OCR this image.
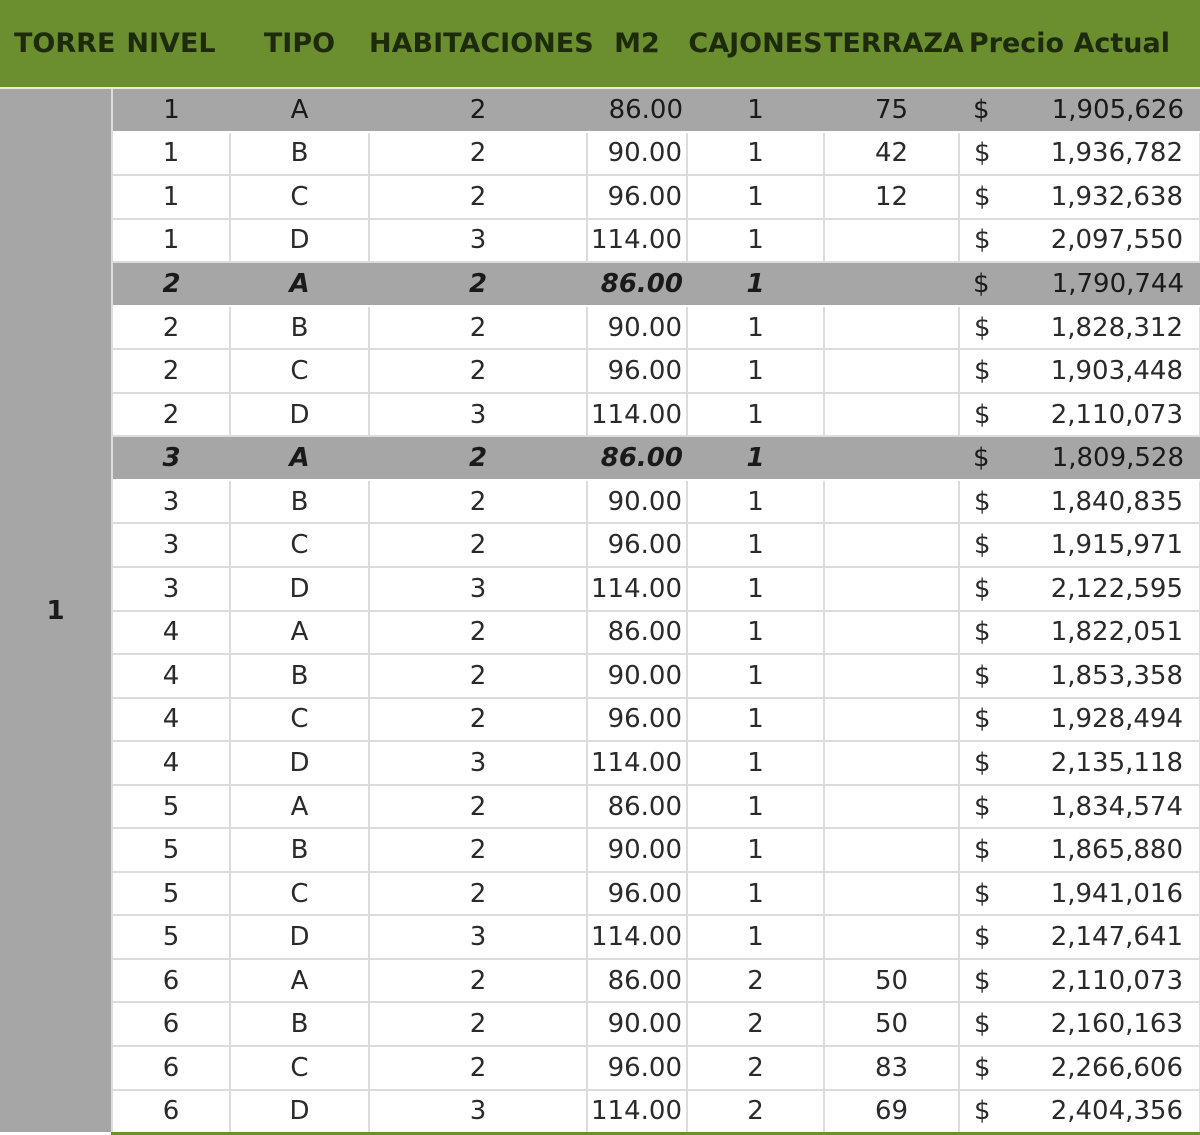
TORRE	NIVEL	TIPO	HABITACIONES	M2	CAJONES	TERRAZA	Precio Actual	
1	1	A	2	86.00	1	75	$	1,905,626
	1	B	2	90.00	1	42	$	1,936,782
	1	C	2	96.00	1	12	$	1,932,638
	1	D	3	114.00	1		$	2,097,550
	2	A	2	86.00	1		$	1,790,744
	2	B	2	90.00	1		$	1,828,312
	2	C	2	96.00	1		$	1,903,448
	2	D	3	114.00	1		$	2,110,073
	3	A	2	86.00	1		$	1,809,528
	3	B	2	90.00	1		$	1,840,835
	3	C	2	96.00	1		$	1,915,971
	3	D	3	114.00	1		$	2,122,595
	4	A	2	86.00	1		$	1,822,051
	4	B	2	90.00	1		$	1,853,358
	4	C	2	96.00	1		$	1,928,494
	4	D	3	114.00	1		$	2,135,118
	5	A	2	86.00	1		$	1,834,574
	5	B	2	90.00	1		$	1,865,880
	5	C	2	96.00	1		$	1,941,016
	5	D	3	114.00	1		$	2,147,641
	6	A	2	86.00	2	50	$	2,110,073
	6	B	2	90.00	2	50	$	2,160,163
	6	C	2	96.00	2	83	$	2,266,606
	6	D	3	114.00	2	69	$	2,404,356
